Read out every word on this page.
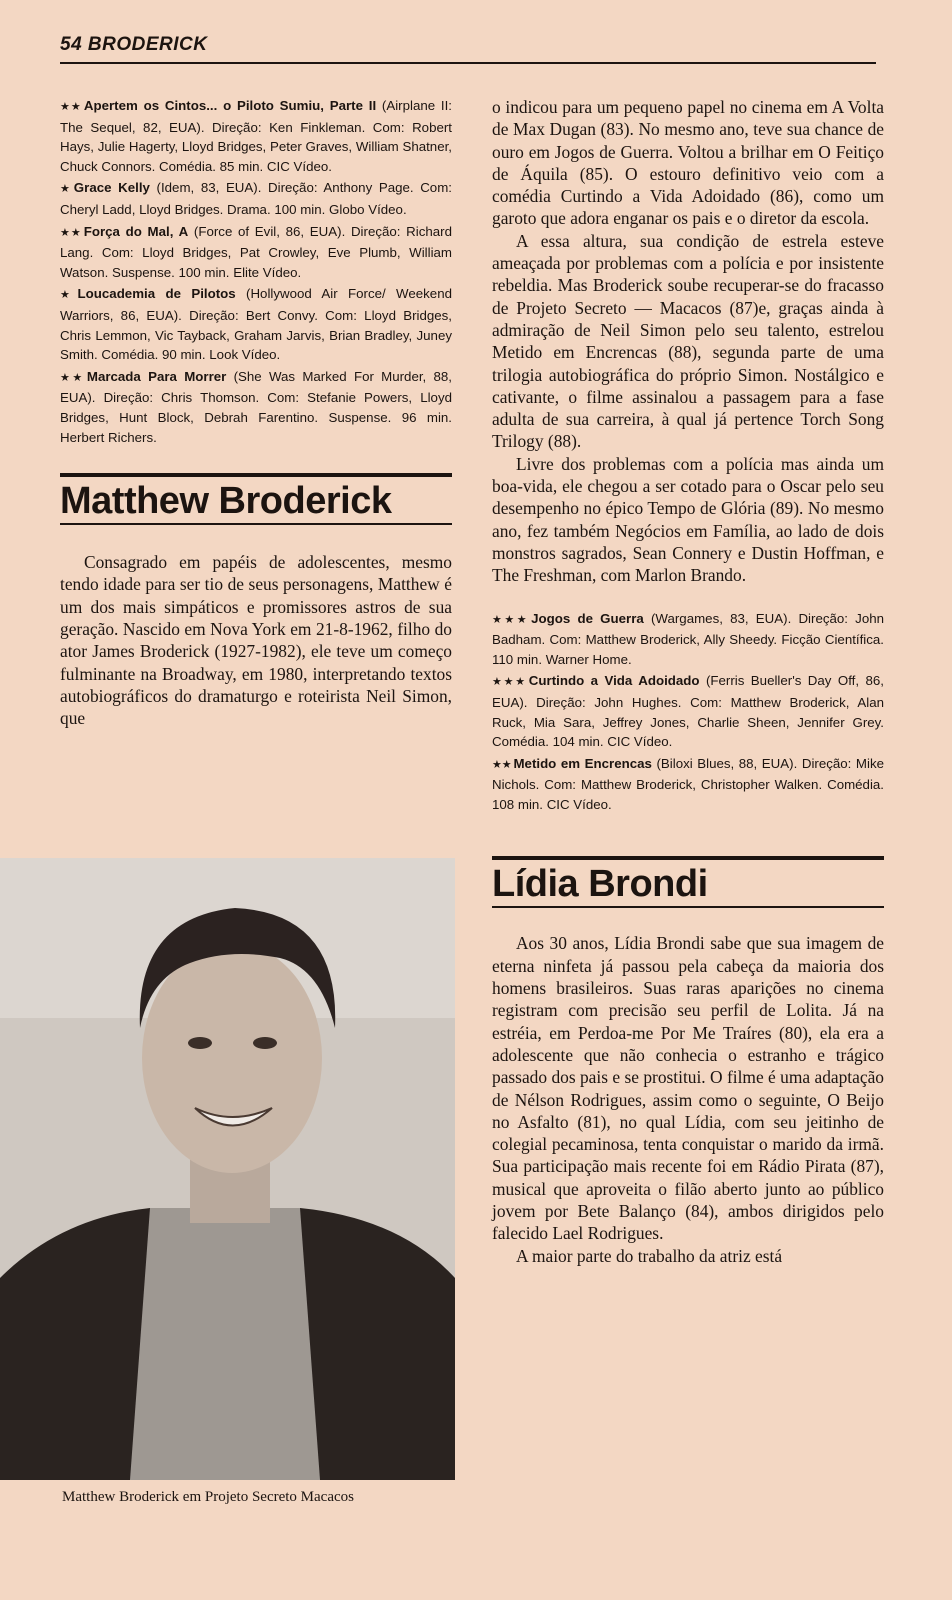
54 BRODERICK

★★ Apertem os Cintos... o Piloto Sumiu, Parte II (Airplane II: The Sequel, 82, EUA). Direção: Ken Finkleman. Com: Robert Hays, Julie Hagerty, Lloyd Bridges, Peter Graves, William Shatner, Chuck Connors. Comédia. 85 min. CIC Vídeo.

★ Grace Kelly (Idem, 83, EUA). Direção: Anthony Page. Com: Cheryl Ladd, Lloyd Bridges. Drama. 100 min. Globo Vídeo.

★★ Força do Mal, A (Force of Evil, 86, EUA). Direção: Richard Lang. Com: Lloyd Bridges, Pat Crowley, Eve Plumb, William Watson. Suspense. 100 min. Elite Vídeo.

★ Loucademia de Pilotos (Hollywood Air Force/ Weekend Warriors, 86, EUA). Direção: Bert Convy. Com: Lloyd Bridges, Chris Lemmon, Vic Tayback, Graham Jarvis, Brian Bradley, Juney Smith. Comédia. 90 min. Look Vídeo.

★★ Marcada Para Morrer (She Was Marked For Murder, 88, EUA). Direção: Chris Thomson. Com: Stefanie Powers, Lloyd Bridges, Hunt Block, Debrah Farentino. Suspense. 96 min. Herbert Richers.

Matthew Broderick

Consagrado em papéis de adolescentes, mesmo tendo idade para ser tio de seus personagens, Matthew é um dos mais simpáticos e promissores astros de sua geração. Nascido em Nova York em 21-8-1962, filho do ator James Broderick (1927-1982), ele teve um começo fulminante na Broadway, em 1980, interpretando textos autobiográficos do dramaturgo e roteirista Neil Simon, que

Matthew Broderick em Projeto Secreto Macacos

o indicou para um pequeno papel no cinema em A Volta de Max Dugan (83). No mesmo ano, teve sua chance de ouro em Jogos de Guerra. Voltou a brilhar em O Feitiço de Áquila (85). O estouro definitivo veio com a comédia Curtindo a Vida Adoidado (86), como um garoto que adora enganar os pais e o diretor da escola.

A essa altura, sua condição de estrela esteve ameaçada por problemas com a polícia e por insistente rebeldia. Mas Broderick soube recuperar-se do fracasso de Projeto Secreto — Macacos (87)e, graças ainda à admiração de Neil Simon pelo seu talento, estrelou Metido em Encrencas (88), segunda parte de uma trilogia autobiográfica do próprio Simon. Nostálgico e cativante, o filme assinalou a passagem para a fase adulta de sua carreira, à qual já pertence Torch Song Trilogy (88).

Livre dos problemas com a polícia mas ainda um boa-vida, ele chegou a ser cotado para o Oscar pelo seu desempenho no épico Tempo de Glória (89). No mesmo ano, fez também Negócios em Família, ao lado de dois monstros sagrados, Sean Connery e Dustin Hoffman, e The Freshman, com Marlon Brando.

★★★ Jogos de Guerra (Wargames, 83, EUA). Direção: John Badham. Com: Matthew Broderick, Ally Sheedy. Ficção Científica. 110 min. Warner Home.

★★★ Curtindo a Vida Adoidado (Ferris Bueller's Day Off, 86, EUA). Direção: John Hughes. Com: Matthew Broderick, Alan Ruck, Mia Sara, Jeffrey Jones, Charlie Sheen, Jennifer Grey. Comédia. 104 min. CIC Vídeo.

★★ Metido em Encrencas (Biloxi Blues, 88, EUA). Direção: Mike Nichols. Com: Matthew Broderick, Christopher Walken. Comédia. 108 min. CIC Vídeo.

Lídia Brondi

Aos 30 anos, Lídia Brondi sabe que sua imagem de eterna ninfeta já passou pela cabeça da maioria dos homens brasileiros. Suas raras aparições no cinema registram com precisão seu perfil de Lolita. Já na estréia, em Perdoa-me Por Me Traíres (80), ela era a adolescente que não conhecia o estranho e trágico passado dos pais e se prostitui. O filme é uma adaptação de Nélson Rodrigues, assim como o seguinte, O Beijo no Asfalto (81), no qual Lídia, com seu jeitinho de colegial pecaminosa, tenta conquistar o marido da irmã. Sua participação mais recente foi em Rádio Pirata (87), musical que aproveita o filão aberto junto ao público jovem por Bete Balanço (84), ambos dirigidos pelo falecido Lael Rodrigues.

A maior parte do trabalho da atriz está
